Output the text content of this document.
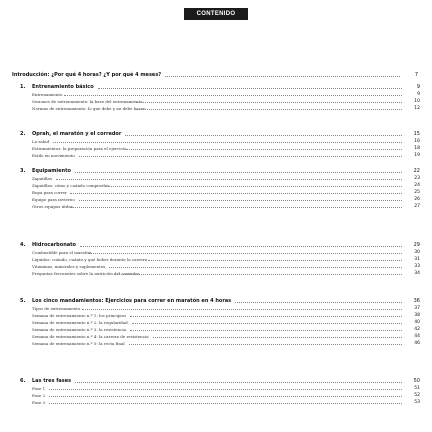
CONTENIDO
Introducción: ¿Por qué 4 horas? ¿Y por qué 4 meses?	7
1.	Entrenamiento básico	9
Entrenamiento	9
Sesiones de entrenamiento: la base del entrenamiento	10
Normas de entrenamiento: lo que debe y no debe hacer	12
2.	Oprah, el maratón y el corredor	15
La salud	16
Estiramientos: la preparación para el ejercicio	18
Estilo en movimiento	19
3.	Equipamiento	22
Zapatillas	23
Zapatillas: cómo y cuándo comprarlas	24
Ropa para correr	25
Equipo para invierno	26
Otros equipos útiles	27
4.	Hidrocarbonato	29
Combustible para el maratón	30
Líquidos: cuándo, cuánto y qué beber durante la carrera	31
Vitaminas, minerales y suplementos	33
Preguntas frecuentes sobre la nutrición del corredor	34
5.	Los cinco mandamientos: Ejercicios para correr en maratón en 4 horas	36
Tipos de entrenamiento	37
Semana de entrenamiento n.º 1: los principios	38
Semana de entrenamiento n.º 2: la regularidad	40
Semana de entrenamiento n.º 3: la resistencia	42
Semana de entrenamiento n.º 4: la carrera de resistencia	44
Semana de entrenamiento n.º 5: la recta final	46
6.	Las tres fases	50
Fase 1	51
Fase 2	52
Fase 3	53
